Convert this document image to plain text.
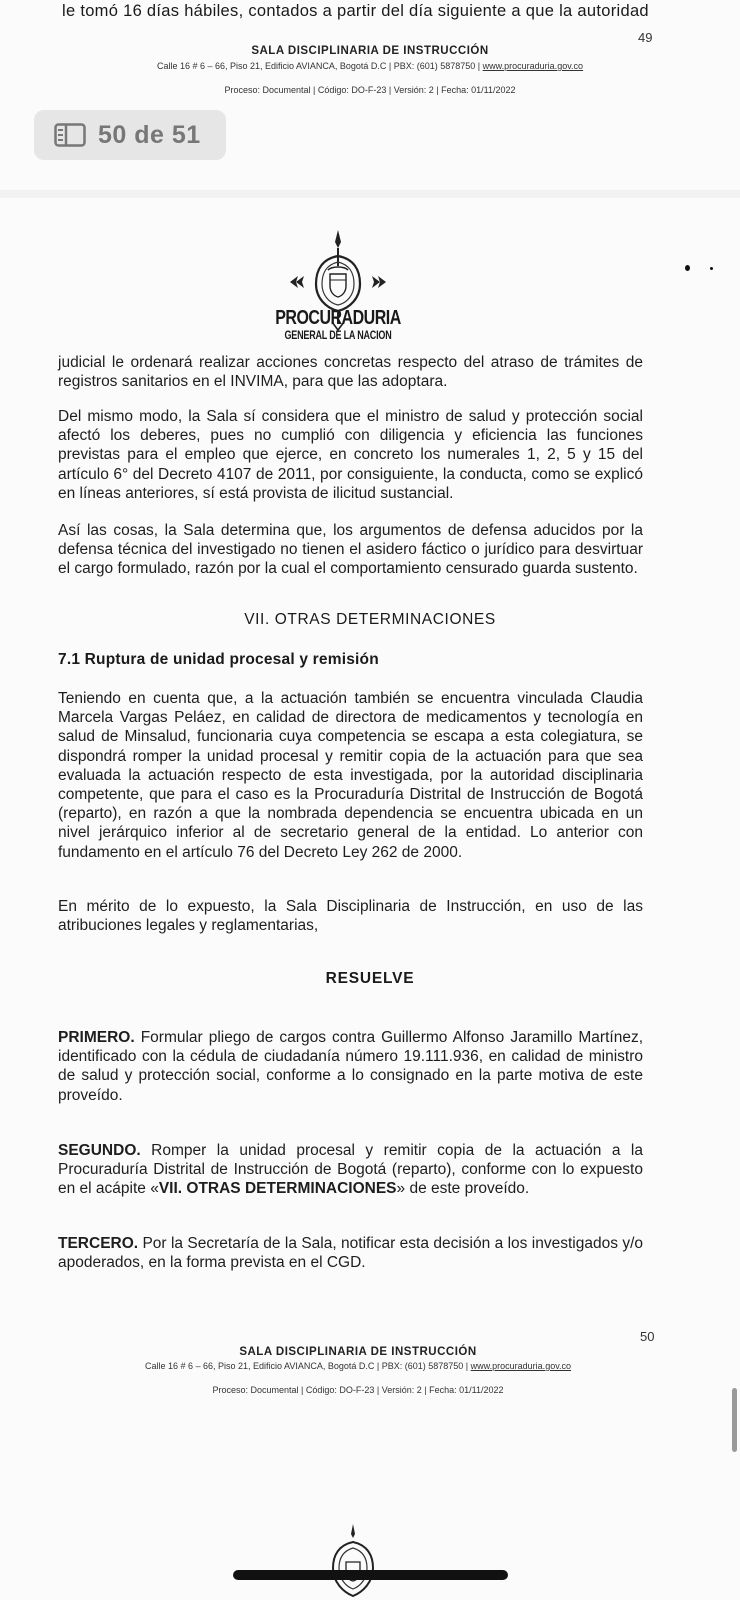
le tomó 16 días hábiles, contados a partir del día siguiente a que la autoridad
49
SALA DISCIPLINARIA DE INSTRUCCIÓN
Calle 16 # 6 – 66, Piso 21, Edificio AVIANCA, Bogotá D.C | PBX: (601) 5878750 | www.procuraduria.gov.co
Proceso: Documental | Código: DO-F-23 | Versión: 2 | Fecha: 01/11/2022
50 de 51
PROCURADURIA
GENERAL DE LA NACION
judicial le ordenará realizar acciones concretas respecto del atraso de trámites de registros sanitarios en el INVIMA, para que las adoptara.
Del mismo modo, la Sala sí considera que el ministro de salud y protección social afectó los deberes, pues no cumplió con diligencia y eficiencia las funciones previstas para el empleo que ejerce, en concreto los numerales 1, 2, 5 y 15 del artículo 6° del Decreto 4107 de 2011, por consiguiente, la conducta, como se explicó en líneas anteriores, sí está provista de ilicitud sustancial.
Así las cosas, la Sala determina que, los argumentos de defensa aducidos por la defensa técnica del investigado no tienen el asidero fáctico o jurídico para desvirtuar el cargo formulado, razón por la cual el comportamiento censurado guarda sustento.
VII. OTRAS DETERMINACIONES
7.1 Ruptura de unidad procesal y remisión
Teniendo en cuenta que, a la actuación también se encuentra vinculada Claudia Marcela Vargas Peláez, en calidad de directora de medicamentos y tecnología en salud de Minsalud, funcionaria cuya competencia se escapa a esta colegiatura, se dispondrá romper la unidad procesal y remitir copia de la actuación para que sea evaluada la actuación respecto de esta investigada, por la autoridad disciplinaria competente, que para el caso es la Procuraduría Distrital de Instrucción de Bogotá (reparto), en razón a que la nombrada dependencia se encuentra ubicada en un nivel jerárquico inferior al de secretario general de la entidad. Lo anterior con fundamento en el artículo 76 del Decreto Ley 262 de 2000.
En mérito de lo expuesto, la Sala Disciplinaria de Instrucción, en uso de las atribuciones legales y reglamentarias,
RESUELVE
PRIMERO. Formular pliego de cargos contra Guillermo Alfonso Jaramillo Martínez, identificado con la cédula de ciudadanía número 19.111.936, en calidad de ministro de salud y protección social, conforme a lo consignado en la parte motiva de este proveído.
SEGUNDO. Romper la unidad procesal y remitir copia de la actuación a la Procuraduría Distrital de Instrucción de Bogotá (reparto), conforme con lo expuesto en el acápite «VII. OTRAS DETERMINACIONES» de este proveído.
TERCERO. Por la Secretaría de la Sala, notificar esta decisión a los investigados y/o apoderados, en la forma prevista en el CGD.
50
SALA DISCIPLINARIA DE INSTRUCCIÓN
Calle 16 # 6 – 66, Piso 21, Edificio AVIANCA, Bogotá D.C | PBX: (601) 5878750 | www.procuraduria.gov.co
Proceso: Documental | Código: DO-F-23 | Versión: 2 | Fecha: 01/11/2022
